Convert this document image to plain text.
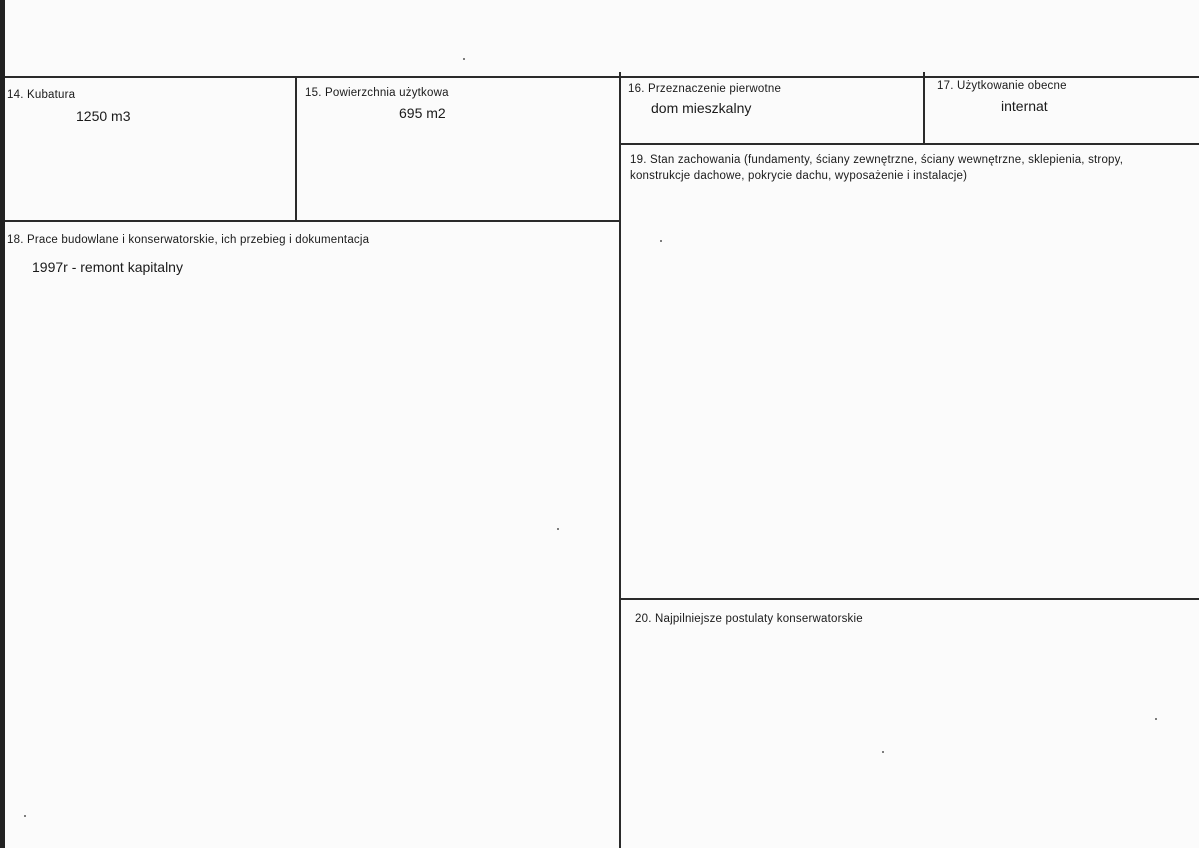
14. Kubatura
1250 m3
15. Powierzchnia użytkowa
695 m2
16. Przeznaczenie pierwotne
dom mieszkalny
17. Użytkowanie obecne
internat
18. Prace budowlane i konserwatorskie, ich przebieg i dokumentacja
1997r - remont kapitalny
19. Stan zachowania (fundamenty, ściany zewnętrzne, ściany wewnętrzne, sklepienia, stropy, konstrukcje dachowe, pokrycie dachu, wyposażenie i instalacje)
20. Najpilniejsze postulaty konserwatorskie
